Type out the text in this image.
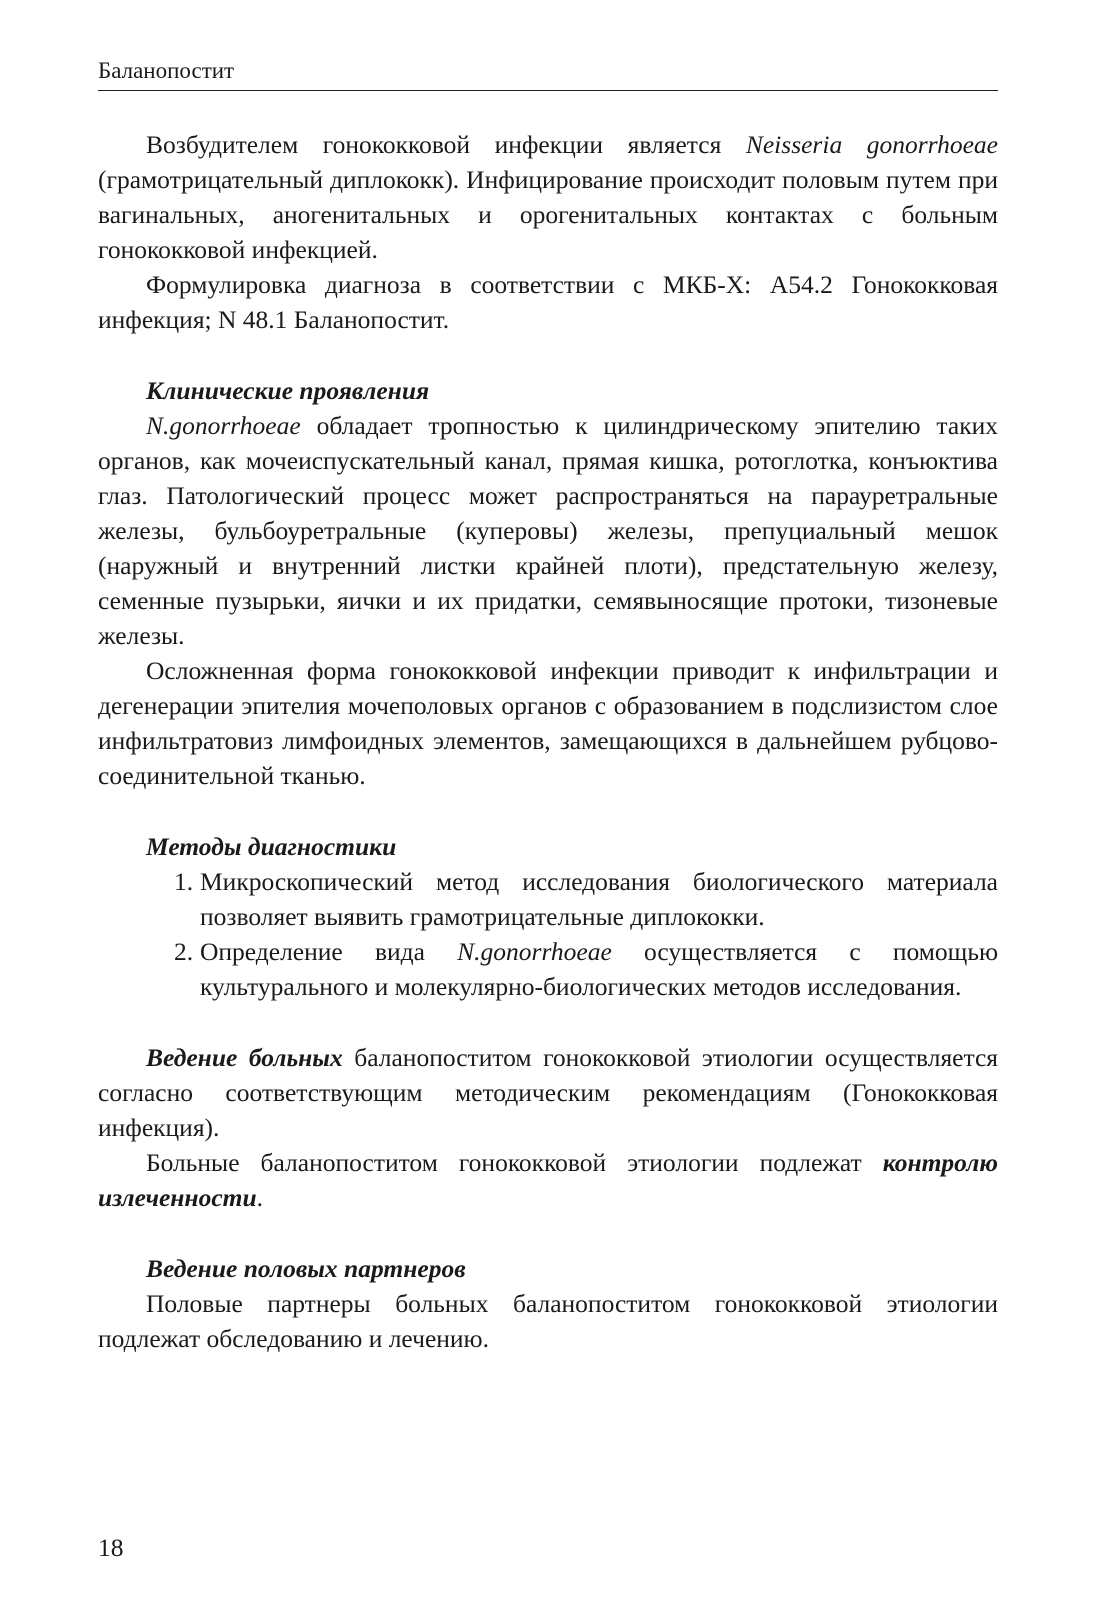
Баланопостит

Возбудителем гонококковой инфекции является Neisseria gonorrhoeae (грамотрицательный диплококк). Инфицирование происходит половым путем при вагинальных, аногенитальных и орогенитальных контактах с больным гонококковой инфекцией.

Формулировка диагноза в соответствии с МКБ-Х: А54.2 Гонококковая инфекция; N 48.1 Баланопостит.

Клинические проявления

N.gonorrhoeae обладает тропностью к цилиндрическому эпителию таких органов, как мочеиспускательный канал, прямая кишка, ротоглотка, конъюктива глаз. Патологический процесс может распространяться на парауретральные железы, бульбоуретральные (куперовы) железы, препуциальный мешок (наружный и внутренний листки крайней плоти), предстательную железу, семенные пузырьки, яички и их придатки, семявыносящие протоки, тизоневые железы.

Осложненная форма гонококковой инфекции приводит к инфильтрации и дегенерации эпителия мочеполовых органов с образованием в подслизистом слое инфильтратовиз лимфоидных элементов, замещающихся в дальнейшем рубцово-соединительной тканью.

Методы диагностики
1. Микроскопический метод исследования биологического материала позволяет выявить грамотрицательные диплококки.
2. Определение вида N.gonorrhoeae осуществляется с помощью культурального и молекулярно-биологических методов исследования.

Ведение больных баланопоститом гонококковой этиологии осуществляется согласно соответствующим методическим рекомендациям (Гонококковая инфекция).

Больные баланопоститом гонококковой этиологии подлежат контролю излеченности.

Ведение половых партнеров

Половые партнеры больных баланопоститом гонококковой этиологии подлежат обследованию и лечению.

18
